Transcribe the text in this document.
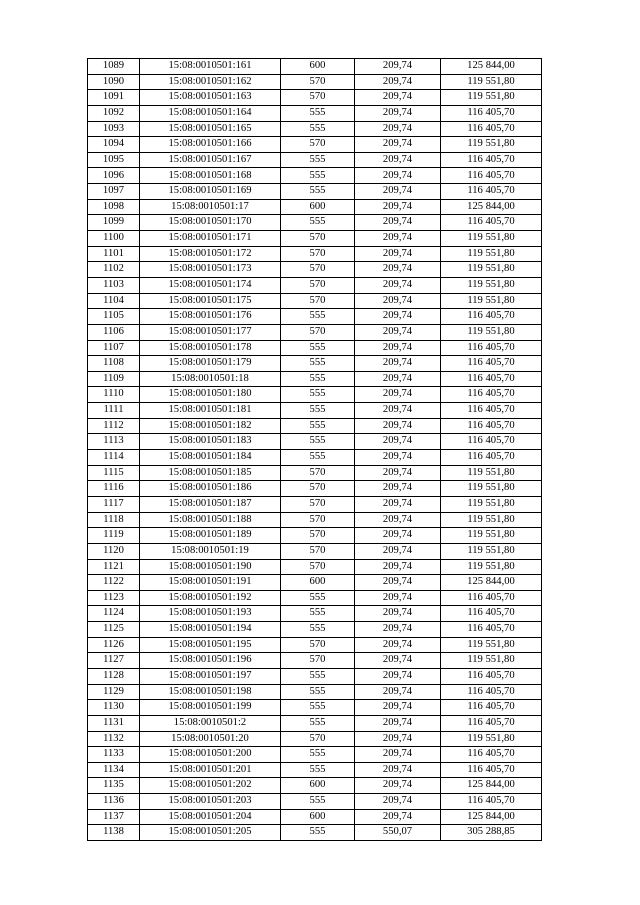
1089	15:08:0010501:161	600	209,74	125 844,00
1090	15:08:0010501:162	570	209,74	119 551,80
1091	15:08:0010501:163	570	209,74	119 551,80
1092	15:08:0010501:164	555	209,74	116 405,70
1093	15:08:0010501:165	555	209,74	116 405,70
1094	15:08:0010501:166	570	209,74	119 551,80
1095	15:08:0010501:167	555	209,74	116 405,70
1096	15:08:0010501:168	555	209,74	116 405,70
1097	15:08:0010501:169	555	209,74	116 405,70
1098	15:08:0010501:17	600	209,74	125 844,00
1099	15:08:0010501:170	555	209,74	116 405,70
1100	15:08:0010501:171	570	209,74	119 551,80
1101	15:08:0010501:172	570	209,74	119 551,80
1102	15:08:0010501:173	570	209,74	119 551,80
1103	15:08:0010501:174	570	209,74	119 551,80
1104	15:08:0010501:175	570	209,74	119 551,80
1105	15:08:0010501:176	555	209,74	116 405,70
1106	15:08:0010501:177	570	209,74	119 551,80
1107	15:08:0010501:178	555	209,74	116 405,70
1108	15:08:0010501:179	555	209,74	116 405,70
1109	15:08:0010501:18	555	209,74	116 405,70
1110	15:08:0010501:180	555	209,74	116 405,70
1111	15:08:0010501:181	555	209,74	116 405,70
1112	15:08:0010501:182	555	209,74	116 405,70
1113	15:08:0010501:183	555	209,74	116 405,70
1114	15:08:0010501:184	555	209,74	116 405,70
1115	15:08:0010501:185	570	209,74	119 551,80
1116	15:08:0010501:186	570	209,74	119 551,80
1117	15:08:0010501:187	570	209,74	119 551,80
1118	15:08:0010501:188	570	209,74	119 551,80
1119	15:08:0010501:189	570	209,74	119 551,80
1120	15:08:0010501:19	570	209,74	119 551,80
1121	15:08:0010501:190	570	209,74	119 551,80
1122	15:08:0010501:191	600	209,74	125 844,00
1123	15:08:0010501:192	555	209,74	116 405,70
1124	15:08:0010501:193	555	209,74	116 405,70
1125	15:08:0010501:194	555	209,74	116 405,70
1126	15:08:0010501:195	570	209,74	119 551,80
1127	15:08:0010501:196	570	209,74	119 551,80
1128	15:08:0010501:197	555	209,74	116 405,70
1129	15:08:0010501:198	555	209,74	116 405,70
1130	15:08:0010501:199	555	209,74	116 405,70
1131	15:08:0010501:2	555	209,74	116 405,70
1132	15:08:0010501:20	570	209,74	119 551,80
1133	15:08:0010501:200	555	209,74	116 405,70
1134	15:08:0010501:201	555	209,74	116 405,70
1135	15:08:0010501:202	600	209,74	125 844,00
1136	15:08:0010501:203	555	209,74	116 405,70
1137	15:08:0010501:204	600	209,74	125 844,00
1138	15:08:0010501:205	555	550,07	305 288,85
